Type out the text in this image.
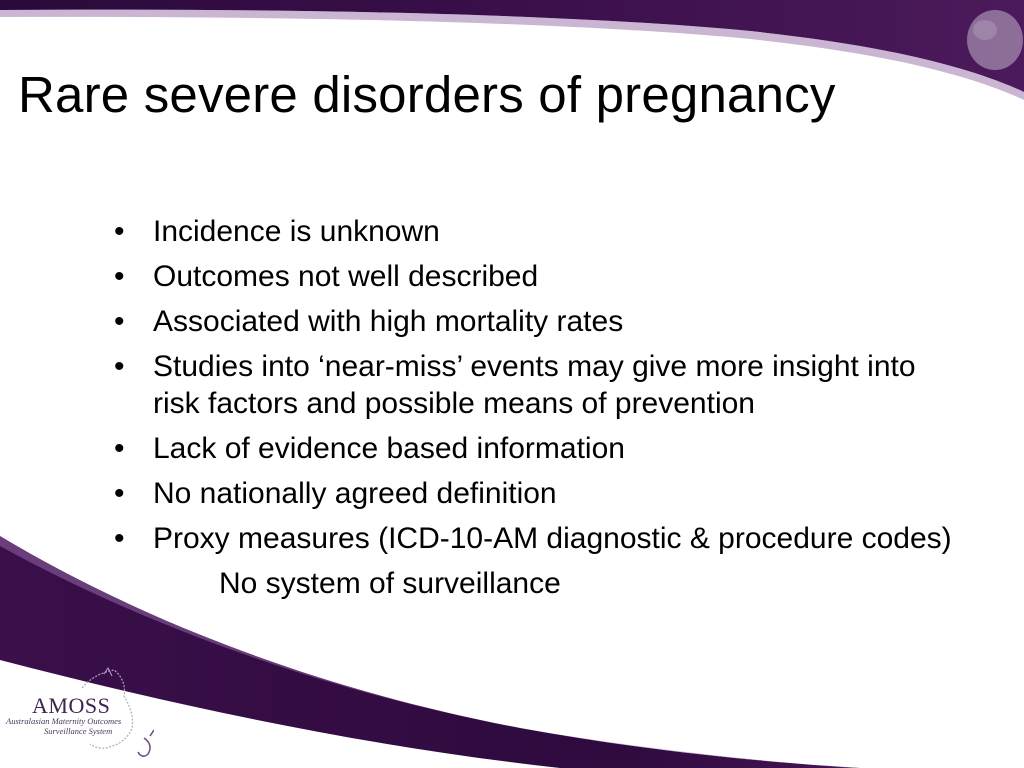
Rare severe disorders of pregnancy
• Incidence is unknown
• Outcomes not well described
• Associated with high mortality rates
• Studies into ‘near-miss’ events may give more insight into risk factors and possible means of prevention
• Lack of evidence based information
• No nationally agreed definition
• Proxy measures (ICD-10-AM diagnostic & procedure codes)
•	No system of surveillance
AMOSS
Australasian Maternity Outcomes
Surveillance System
